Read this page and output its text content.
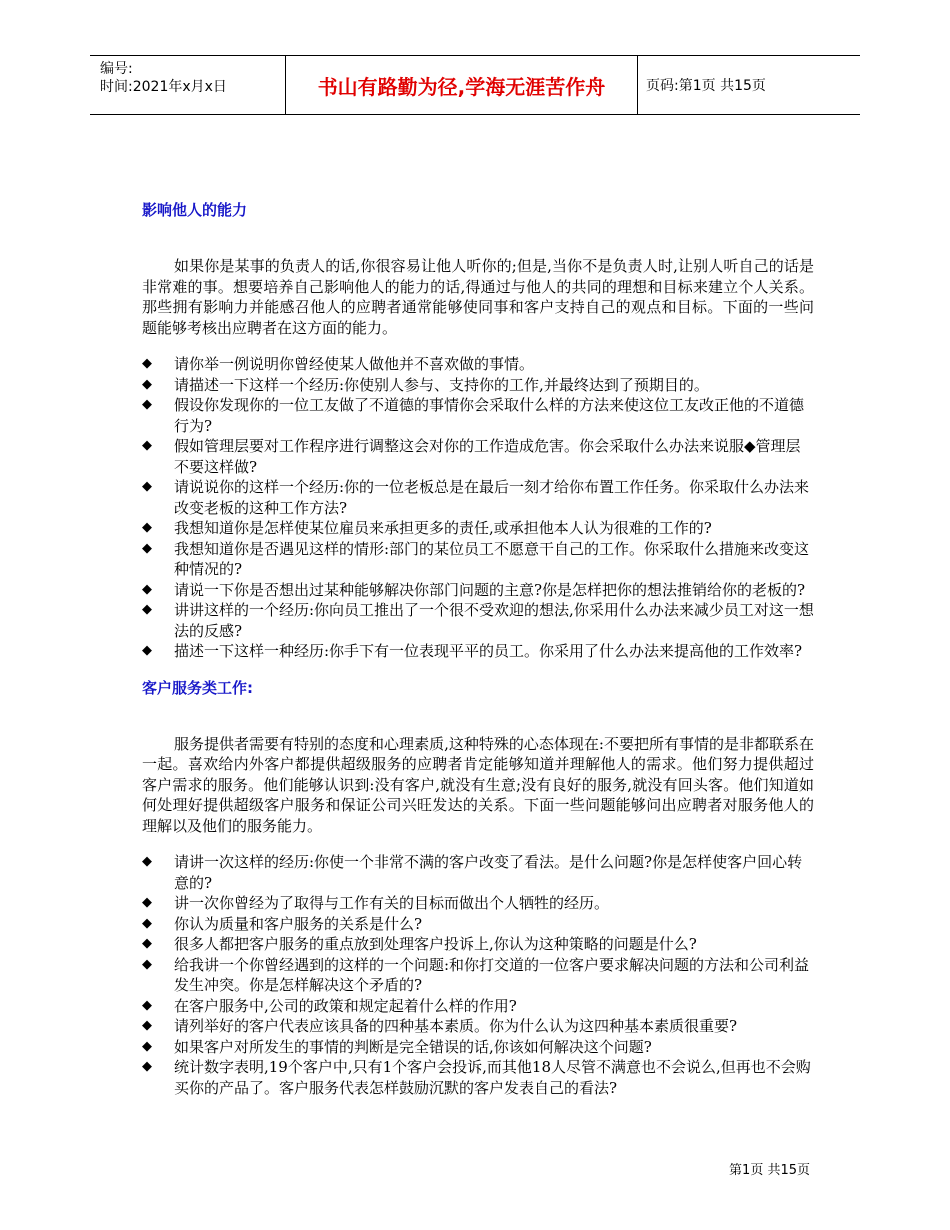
编号:
时间:2021年x月x日	书山有路勤为径,学海无涯苦作舟	页码:第1页 共15页
影响他人的能力

如果你是某事的负责人的话,你很容易让他人听你的;但是,当你不是负责人时,让别人听自己的话是非常难的事。想要培养自己影响他人的能力的话,得通过与他人的共同的理想和目标来建立个人关系。那些拥有影响力并能感召他人的应聘者通常能够使同事和客户支持自己的观点和目标。下面的一些问题能够考核出应聘者在这方面的能力。

◆ 请你举一例说明你曾经使某人做他并不喜欢做的事情。
◆ 请描述一下这样一个经历:你使别人参与、支持你的工作,并最终达到了预期目的。
◆ 假设你发现你的一位工友做了不道德的事情你会采取什么样的方法来使这位工友改正他的不道德行为?
◆ 假如管理层要对工作程序进行调整这会对你的工作造成危害。你会采取什么办法来说服◆管理层不要这样做?
◆ 请说说你的这样一个经历:你的一位老板总是在最后一刻才给你布置工作任务。你采取什么办法来改变老板的这种工作方法?
◆ 我想知道你是怎样使某位雇员来承担更多的责任,或承担他本人认为很难的工作的?
◆ 我想知道你是否遇见这样的情形:部门的某位员工不愿意干自己的工作。你采取什么措施来改变这种情况的?
◆ 请说一下你是否想出过某种能够解决你部门问题的主意?你是怎样把你的想法推销给你的老板的?
◆ 讲讲这样的一个经历:你向员工推出了一个很不受欢迎的想法,你采用什么办法来减少员工对这一想法的反感?
◆ 描述一下这样一种经历:你手下有一位表现平平的员工。你采用了什么办法来提高他的工作效率?
客户服务类工作:

服务提供者需要有特别的态度和心理素质,这种特殊的心态体现在:不要把所有事情的是非都联系在一起。喜欢给内外客户都提供超级服务的应聘者肯定能够知道并理解他人的需求。他们努力提供超过客户需求的服务。他们能够认识到:没有客户,就没有生意;没有良好的服务,就没有回头客。他们知道如何处理好提供超级客户服务和保证公司兴旺发达的关系。下面一些问题能够问出应聘者对服务他人的理解以及他们的服务能力。

◆ 请讲一次这样的经历:你使一个非常不满的客户改变了看法。是什么问题?你是怎样使客户回心转意的?
◆ 讲一次你曾经为了取得与工作有关的目标而做出个人牺牲的经历。
◆ 你认为质量和客户服务的关系是什么?
◆ 很多人都把客户服务的重点放到处理客户投诉上,你认为这种策略的问题是什么?
◆ 给我讲一个你曾经遇到的这样的一个问题:和你打交道的一位客户要求解决问题的方法和公司利益发生冲突。你是怎样解决这个矛盾的?
◆ 在客户服务中,公司的政策和规定起着什么样的作用?
◆ 请列举好的客户代表应该具备的四种基本素质。你为什么认为这四种基本素质很重要?
◆ 如果客户对所发生的事情的判断是完全错误的话,你该如何解决这个问题?
◆ 统计数字表明,19个客户中,只有1个客户会投诉,而其他18人尽管不满意也不会说么,但再也不会购买你的产品了。客户服务代表怎样鼓励沉默的客户发表自己的看法?
第1页 共15页
